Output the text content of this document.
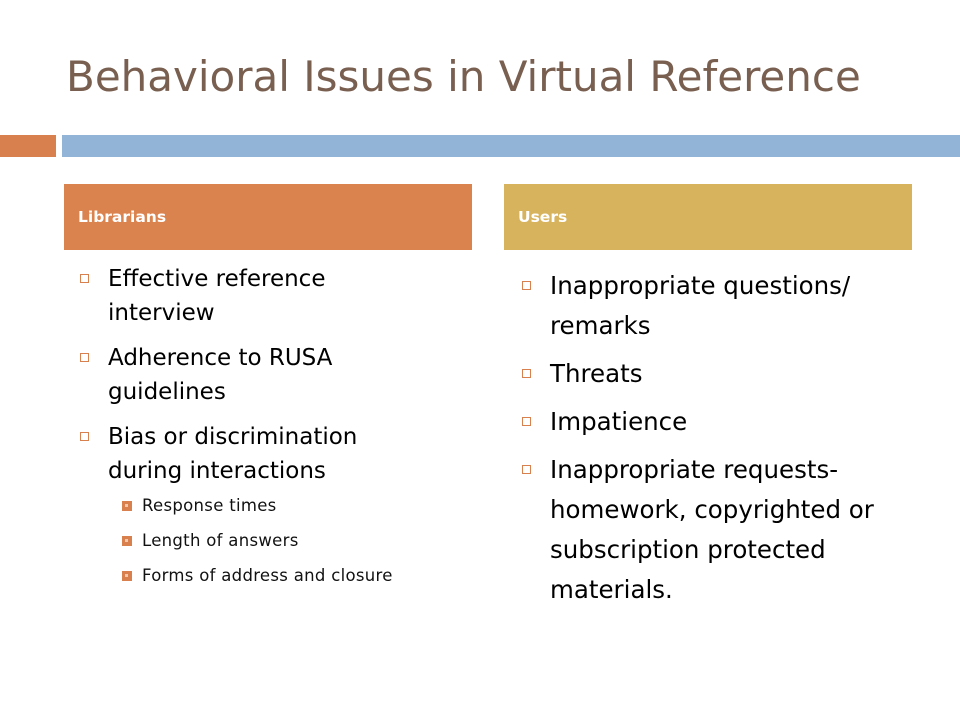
Behavioral Issues in Virtual Reference
Librarians	Users
Effective reference interview
Adherence to RUSA guidelines
Bias or discrimination during interactions
Response times
Length of answers
Forms of address and closure
Inappropriate questions/ remarks
Threats
Impatience
Inappropriate requests- homework, copyrighted or subscription protected materials.
